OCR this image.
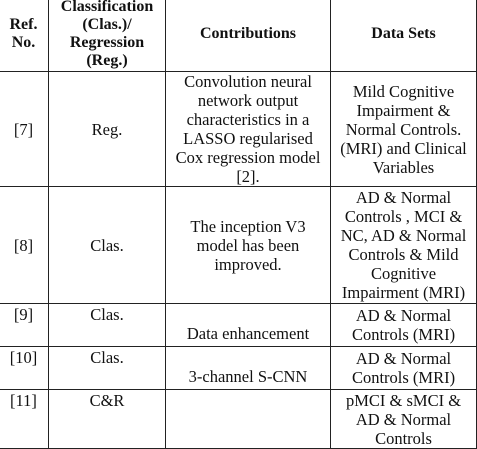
Ref. No.	Classification (Clas.)/ Regression (Reg.)	Contributions	Data Sets
[7]	Reg.	Convolution neural network output characteristics in a LASSO regularised Cox regression model [2].	Mild Cognitive Impairment & Normal Controls. (MRI) and Clinical Variables
[8]	Clas.	The inception V3 model has been improved.	AD & Normal Controls , MCI & NC, AD & Normal Controls & Mild Cognitive Impairment (MRI)
[9]	Clas.	Data enhancement	AD & Normal Controls (MRI)
[10]	Clas.	3-channel S-CNN	AD & Normal Controls (MRI)
[11]	C&R		pMCI & sMCI & AD & Normal Controls
